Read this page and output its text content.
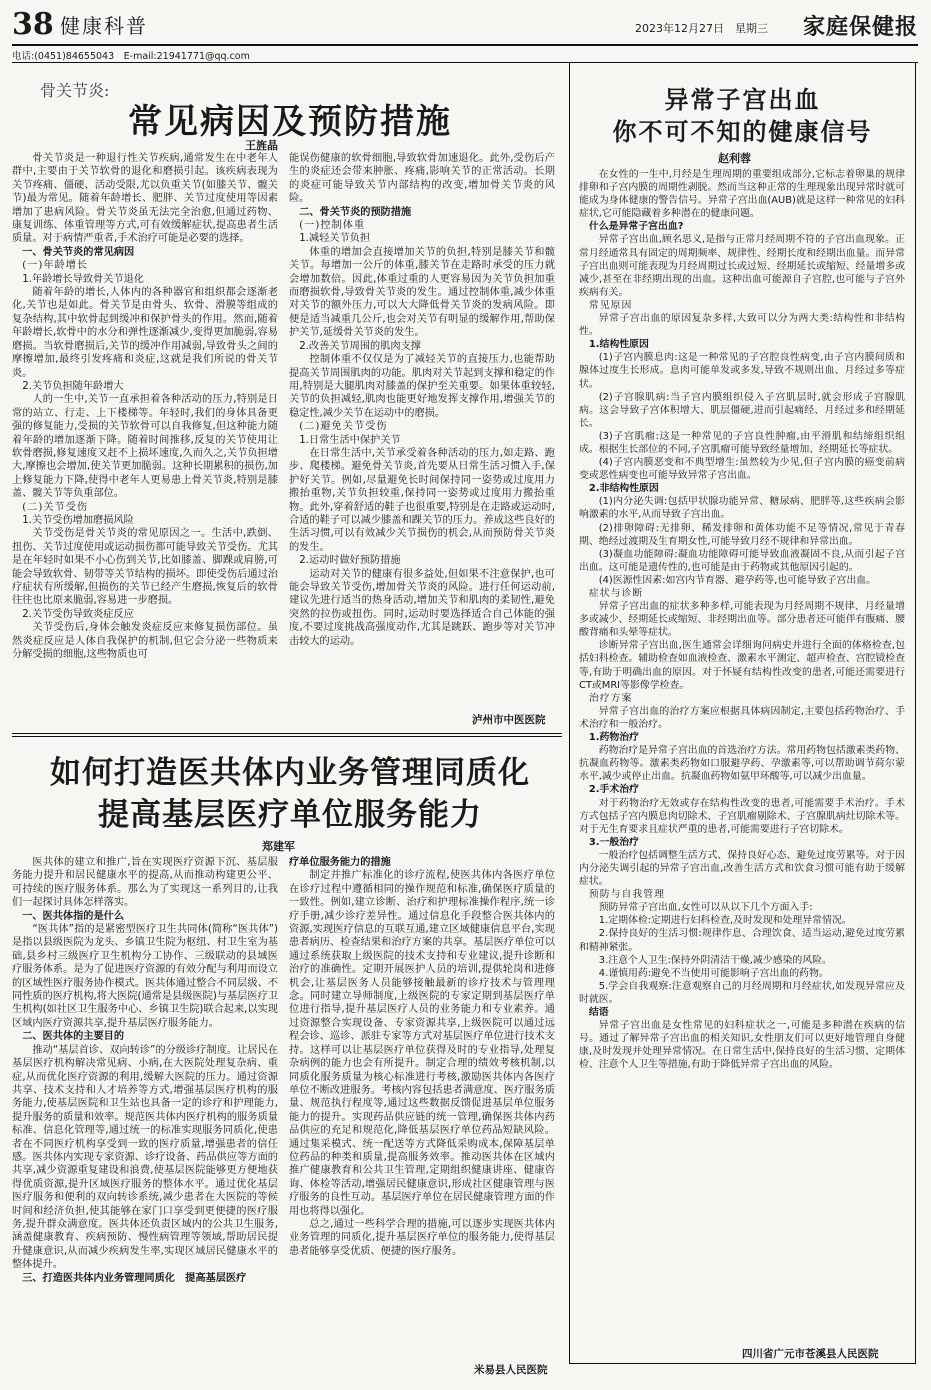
38 健康科普	2023年12月27日　星期三 家庭保健报
电话:(0451)84655043　E-mail:21941771@qq.com
骨关节炎:
常见病因及预防措施
王旌晶

骨关节炎是一种退行性关节疾病,通常发生在中老年人群中,主要由于关节软骨的退化和磨损引起。该疾病表现为关节疼痛、僵硬、活动受限,尤以负重关节(如膝关节、髋关节)最为常见。随着年龄增长、肥胖、关节过度使用等因素增加了患病风险。骨关节炎虽无法完全治愈,但通过药物、康复训练、体重管理等方式,可有效缓解症状,提高患者生活质量。对于病情严重者,手术治疗可能是必要的选择。

一、骨关节炎的常见病因

(一)年龄增长

1.年龄增长导致骨关节退化

随着年龄的增长,人体内的各种器官和组织都会逐渐老化,关节也是如此。骨关节是由骨头、软骨、滑膜等组成的复杂结构,其中软骨起到缓冲和保护骨头的作用。然而,随着年龄增长,软骨中的水分和弹性逐渐减少,变得更加脆弱,容易磨损。当软骨磨损后,关节的缓冲作用减弱,导致骨头之间的摩擦增加,最终引发疼痛和炎症,这就是我们所说的骨关节炎。

2.关节负担随年龄增大

人的一生中,关节一直承担着各种活动的压力,特别是日常的站立、行走、上下楼梯等。年轻时,我们的身体具备更强的修复能力,受损的关节软骨可以自我修复,但这种能力随着年龄的增加逐渐下降。随着时间推移,反复的关节使用让软骨磨损,修复速度又赶不上损坏速度,久而久之,关节负担增大,摩擦也会增加,使关节更加脆弱。这种长期累积的损伤,加上修复能力下降,使得中老年人更易患上骨关节炎,特别是膝盖、髋关节等负重部位。

(二)关节受伤

1.关节受伤增加磨损风险

关节受伤是骨关节炎的常见原因之一。生活中,跌倒、扭伤、关节过度使用或运动损伤都可能导致关节受伤。尤其是在年轻时如果不小心伤到关节,比如膝盖、脚踝或肩膀,可能会导致软骨、韧带等关节结构的损坏。即使受伤后通过治疗症状有所缓解,但损伤的关节已经产生磨损,恢复后的软骨往往也比原来脆弱,容易进一步磨损。

2.关节受伤导致炎症反应

关节受伤后,身体会触发炎症反应来修复损伤部位。虽然炎症反应是人体自我保护的机制,但它会分泌一些物质来分解受损的细胞,这些物质也可

能误伤健康的软骨细胞,导致软骨加速退化。此外,受伤后产生的炎症还会带来肿胀、疼痛,影响关节的正常活动。长期的炎症可能导致关节内部结构的改变,增加骨关节炎的风险。

二、骨关节炎的预防措施

(一)控制体重

1.减轻关节负担

体重的增加会直接增加关节的负担,特别是膝关节和髋关节。每增加一公斤的体重,膝关节在走路时承受的压力就会增加数倍。因此,体重过重的人更容易因为关节负担加重而磨损软骨,导致骨关节炎的发生。通过控制体重,减少体重对关节的额外压力,可以大大降低骨关节炎的发病风险。即便是适当减重几公斤,也会对关节有明显的缓解作用,帮助保护关节,延缓骨关节炎的发生。

2.改善关节周围的肌肉支撑

控制体重不仅仅是为了减轻关节的直接压力,也能帮助提高关节周围肌肉的功能。肌肉对关节起到支撑和稳定的作用,特别是大腿肌肉对膝盖的保护至关重要。如果体重较轻,关节的负担减轻,肌肉也能更好地发挥支撑作用,增强关节的稳定性,减少关节在运动中的磨损。

(二)避免关节受伤

1.日常生活中保护关节

在日常生活中,关节承受着各种活动的压力,如走路、跑步、爬楼梯。避免骨关节炎,首先要从日常生活习惯入手,保护好关节。例如,尽量避免长时间保持同一姿势或过度用力搬抬重物,关节负担较重,保持同一姿势或过度用力搬抬重物。此外,穿着舒适的鞋子也很重要,特别是在走路或运动时,合适的鞋子可以减少膝盖和踝关节的压力。养成这些良好的生活习惯,可以有效减少关节损伤的机会,从而预防骨关节炎的发生。

2.运动时做好预防措施

运动对关节的健康有很多益处,但如果不注意保护,也可能会导致关节受伤,增加骨关节炎的风险。进行任何运动前,建议先进行适当的热身活动,增加关节和肌肉的柔韧性,避免突然的拉伤或扭伤。同时,运动时要选择适合自己体能的强度,不要过度挑战高强度动作,尤其是跳跃、跑步等对关节冲击较大的运动。

泸州市中医医院
如何打造医共体内业务管理同质化
提高基层医疗单位服务能力
郑建军

医共体的建立和推广,旨在实现医疗资源下沉、基层服务能力提升和居民健康水平的提高,从而推动构建更公平、可持续的医疗服务体系。那么为了实现这一系列目的,让我们一起探讨具体怎样落实。

一、医共体指的是什么

“医共体”指的是紧密型医疗卫生共同体(简称“医共体”)是指以县级医院为龙头、乡镇卫生院为枢纽、村卫生室为基础,县乡村三级医疗卫生机构分工协作、三级联动的县域医疗服务体系。是为了促进医疗资源的有效分配与利用而设立的区域性医疗服务协作模式。医共体通过整合不同层级、不同性质的医疗机构,将大医院(通常是县级医院)与基层医疗卫生机构(如社区卫生服务中心、乡镇卫生院)联合起来,以实现区域内医疗资源共享,提升基层医疗服务能力。

二、医共体的主要目的

推动“基层首诊、双向转诊”的分级诊疗制度。让居民在基层医疗机构解决常见病、小病,在大医院处理复杂病、重症,从而优化医疗资源的利用,缓解大医院的压力。通过资源共享、技术支持和人才培养等方式,增强基层医疗机构的服务能力,使基层医院和卫生站也具备一定的诊疗和护理能力,提升服务的质量和效率。规范医共体内医疗机构的服务质量标准、信息化管理等,通过统一的标准实现服务同质化,使患者在不同医疗机构享受到一致的医疗质量,增强患者的信任感。医共体内实现专家资源、诊疗设备、药品供应等方面的共享,减少资源重复建设和浪费,使基层医院能够更方便地获得优质资源,提升区域医疗服务的整体水平。通过优化基层医疗服务和便利的双向转诊系统,减少患者在大医院的等候时间和经济负担,使其能够在家门口享受到更便捷的医疗服务,提升群众满意度。医共体还负责区域内的公共卫生服务,涵盖健康教育、疾病预防、慢性病管理等领域,帮助居民提升健康意识,从而减少疾病发生率,实现区域居民健康水平的整体提升。

三、打造医共体内业务管理同质化　提高基层医疗

疗单位服务能力的措施

制定并推广标准化的诊疗流程,使医共体内各医疗单位在诊疗过程中遵循相同的操作规范和标准,确保医疗质量的一致性。例如,建立诊断、治疗和护理标准操作程序,统一诊疗手册,减少诊疗差异性。通过信息化手段整合医共体内的资源,实现医疗信息的互联互通,建立区域健康信息平台,实现患者病历、检查结果和治疗方案的共享。基层医疗单位可以通过系统获取上级医院的技术支持和专业建议,提升诊断和治疗的准确性。定期开展医护人员的培训,提供轮岗和进修机会,让基层医务人员能够接触最新的诊疗技术与管理理念。同时建立导师制度,上级医院的专家定期到基层医疗单位进行指导,提升基层医疗人员的业务能力和专业素养。通过资源整合实现设备、专家资源共享,上级医院可以通过远程会诊、巡诊、派驻专家等方式对基层医疗单位进行技术支持。这样可以让基层医疗单位获得及时的专业指导,处理复杂病例的能力也会有所提升。制定合理的绩效考核机制,以同质化服务质量为核心标准进行考核,激励医共体内各医疗单位不断改进服务。考核内容包括患者满意度、医疗服务质量、规范执行程度等,通过这些数据反馈促进基层单位服务能力的提升。实现药品供应链的统一管理,确保医共体内药品供应的充足和规范化,降低基层医疗单位药品短缺风险。通过集采模式、统一配送等方式降低采购成本,保障基层单位药品的种类和质量,提高服务效率。推动医共体在区域内推广健康教育和公共卫生管理,定期组织健康讲座、健康咨询、体检等活动,增强居民健康意识,形成社区健康管理与医疗服务的良性互动。基层医疗单位在居民健康管理方面的作用也将得以强化。

总之,通过一些科学合理的措施,可以逐步实现医共体内业务管理的同质化,提升基层医疗单位的服务能力,使得基层患者能够享受优质、便捷的医疗服务。

米易县人民医院
异常子宫出血
你不可不知的健康信号
赵利蓉

在女性的一生中,月经是生理周期的重要组成部分,它标志着卵巢的规律排卵和子宫内膜的周期性剥脱。然而当这种正常的生理现象出现异常时就可能成为身体健康的警告信号。异常子宫出血(AUB)就是这样一种常见的妇科症状,它可能隐藏着多种潜在的健康问题。

什么是异常子宫出血?

异常子宫出血,顾名思义,是指与正常月经周期不符的子宫出血现象。正常月经通常具有固定的周期频率、规律性、经期长度和经期出血量。而异常子宫出血则可能表现为月经周期过长或过短、经期延长或缩短、经量增多或减少,甚至在非经期出现的出血。这种出血可能源自子宫腔,也可能与子宫外疾病有关。

常见原因

异常子宫出血的原因复杂多样,大致可以分为两大类:结构性和非结构性。

1.结构性原因

(1)子宫内膜息肉:这是一种常见的子宫腔良性病变,由子宫内膜间质和腺体过度生长形成。息肉可能单发或多发,导致不规则出血、月经过多等症状。

(2)子宫腺肌病:当子宫内膜组织侵入子宫肌层时,就会形成子宫腺肌病。这会导致子宫体积增大、肌层僵硬,进而引起痛经、月经过多和经期延长。

(3)子宫肌瘤:这是一种常见的子宫良性肿瘤,由平滑肌和结缔组织组成。根据生长部位的不同,子宫肌瘤可能导致经量增加、经期延长等症状。

(4)子宫内膜恶变和不典型增生:虽然较为少见,但子宫内膜的癌变前病变或恶性病变也可能导致异常子宫出血。

2.非结构性原因

(1)内分泌失调:包括甲状腺功能异常、糖尿病、肥胖等,这些疾病会影响激素的水平,从而导致子宫出血。

(2)排卵障碍:无排卵、稀发排卵和黄体功能不足等情况,常见于青春期、绝经过渡期及生育期女性,可能导致月经不规律和异常出血。

(3)凝血功能障碍:凝血功能障碍可能导致血液凝固不良,从而引起子宫出血。这可能是遗传性的,也可能是由于药物或其他原因引起的。

(4)医源性因素:如宫内节育器、避孕药等,也可能导致子宫出血。

症状与诊断

异常子宫出血的症状多种多样,可能表现为月经周期不规律、月经量增多或减少、经期延长或缩短、非经期出血等。部分患者还可能伴有腹痛、腰酸背痛和头晕等症状。

诊断异常子宫出血,医生通常会详细询问病史并进行全面的体格检查,包括妇科检查。辅助检查如血液检查、激素水平测定、超声检查、宫腔镜检查等,有助于明确出血的原因。对于怀疑有结构性改变的患者,可能还需要进行CT或MRI等影像学检查。

治疗方案

异常子宫出血的治疗方案应根据具体病因制定,主要包括药物治疗、手术治疗和一般治疗。

1.药物治疗

药物治疗是异常子宫出血的首选治疗方法。常用药物包括激素类药物、抗凝血药物等。激素类药物如口服避孕药、孕激素等,可以帮助调节荷尔蒙水平,减少或停止出血。抗凝血药物如氨甲环酸等,可以减少出血量。

2.手术治疗

对于药物治疗无效或存在结构性改变的患者,可能需要手术治疗。手术方式包括子宫内膜息肉切除术、子宫肌瘤剔除术、子宫腺肌病灶切除术等。对于无生育要求且症状严重的患者,可能需要进行子宫切除术。

3.一般治疗

一般治疗包括调整生活方式、保持良好心态、避免过度劳累等。对于因内分泌失调引起的异常子宫出血,改善生活方式和饮食习惯可能有助于缓解症状。

预防与自我管理

预防异常子宫出血,女性可以从以下几个方面入手:

1.定期体检:定期进行妇科检查,及时发现和处理异常情况。

2.保持良好的生活习惯:规律作息、合理饮食、适当运动,避免过度劳累和精神紧张。

3.注意个人卫生:保持外阴清洁干燥,减少感染的风险。

4.谨慎用药:避免不当使用可能影响子宫出血的药物。

5.学会自我观察:注意观察自己的月经周期和月经症状,如发现异常应及时就医。

结语

异常子宫出血是女性常见的妇科症状之一,可能是多种潜在疾病的信号。通过了解异常子宫出血的相关知识,女性朋友们可以更好地管理自身健康,及时发现并处理异常情况。在日常生活中,保持良好的生活习惯、定期体检、注意个人卫生等措施,有助于降低异常子宫出血的风险。

四川省广元市苍溪县人民医院
